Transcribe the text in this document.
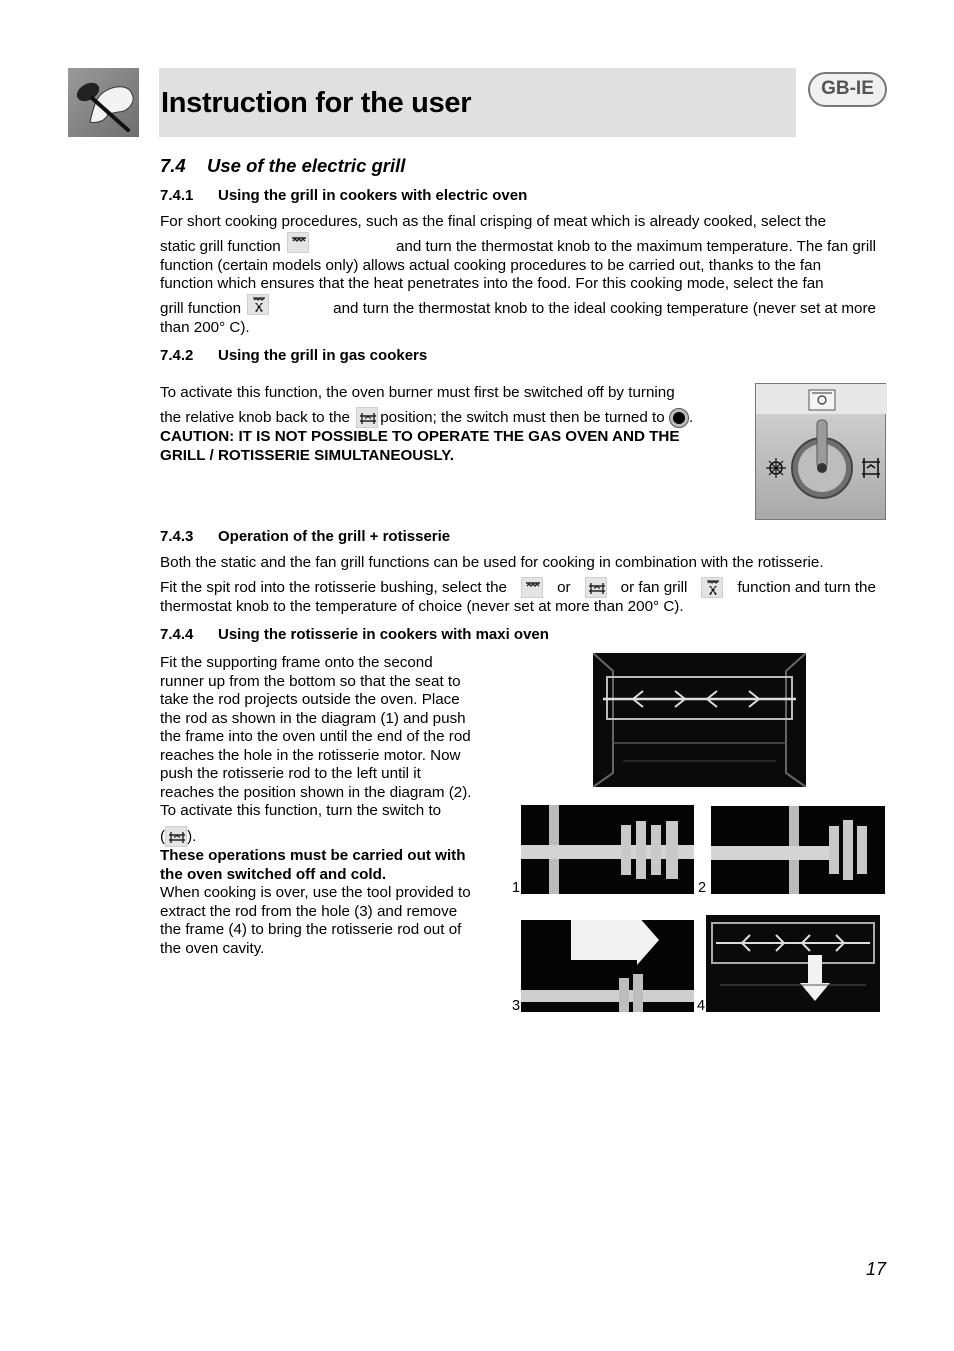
Instruction for the user	GB-IE
7.4 Use of the electric grill
7.4.1 Using the grill in cookers with electric oven
For short cooking procedures, such as the final crisping of meat which is already cooked, select the
static grill function	and turn the thermostat knob to the maximum temperature. The fan grill
function (certain models only) allows actual cooking procedures to be carried out, thanks to the fan
function which ensures that the heat penetrates into the food. For this cooking mode, select the fan
grill function	and turn the thermostat knob to the ideal cooking temperature (never set at more
than 200° C).
7.4.2 Using the grill in gas cookers
To activate this function, the oven burner must first be switched off by turning
the relative knob back to the
position; the switch must then be turned to
.
CAUTION: IT IS NOT POSSIBLE TO OPERATE THE GAS OVEN AND THE
GRILL / ROTISSERIE SIMULTANEOUSLY.
7.4.3 Operation of the grill + rotisserie
Both the static and the fan grill functions can be used for cooking in combination with the rotisserie.
Fit the spit rod into the rotisserie bushing, select the	or	or fan grill	function and turn the
thermostat knob to the temperature of choice (never set at more than 200° C).
7.4.4 Using the rotisserie in cookers with maxi oven
Fit the supporting frame onto the second
runner up from the bottom so that the seat to
take the rod projects outside the oven. Place
the rod as shown in the diagram (1) and push
the frame into the oven until the end of the rod
reaches the hole in the rotisserie motor. Now
push the rotisserie rod to the left until it
reaches the position shown in the diagram (2).
To activate this function, turn the switch to
( ).
These operations must be carried out with
the oven switched off and cold.
When cooking is over, use the tool provided to
extract the rod from the hole (3) and remove
the frame (4) to bring the rotisserie rod out of
the oven cavity.
1	2
3	4
17
